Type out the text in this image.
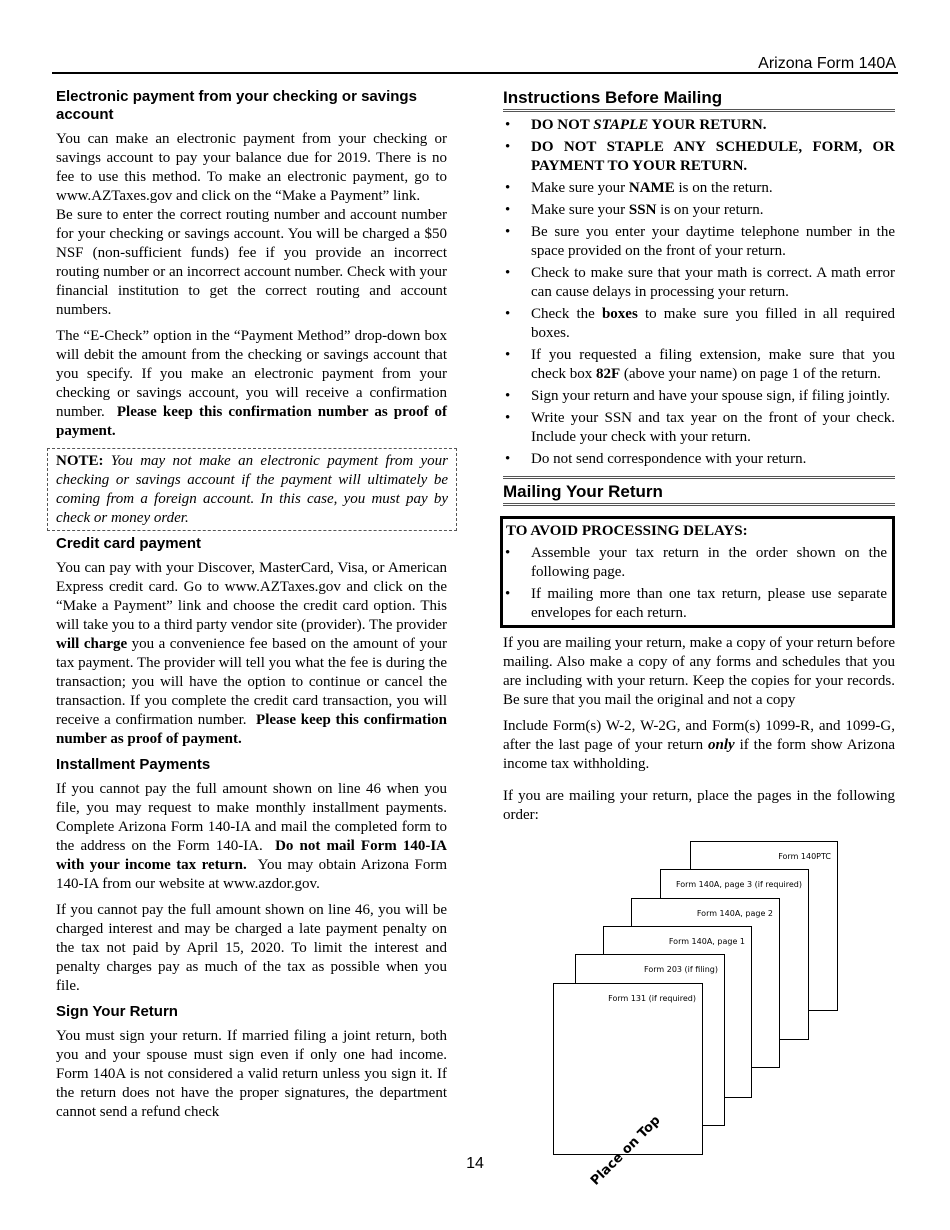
Arizona Form 140A
Electronic payment from your checking or savings account

You can make an electronic payment from your checking or savings account to pay your balance due for 2019. There is no fee to use this method. To make an electronic payment, go to www.AZTaxes.gov and click on the “Make a Payment” link.

Be sure to enter the correct routing number and account number for your checking or savings account. You will be charged a $50 NSF (non-sufficient funds) fee if you provide an incorrect routing number or an incorrect account number. Check with your financial institution to get the correct routing and account numbers.

The “E-Check” option in the “Payment Method” drop-down box will debit the amount from the checking or savings account that you specify. If you make an electronic payment from your checking or savings account, you will receive a confirmation number. Please keep this confirmation number as proof of payment.

NOTE: You may not make an electronic payment from your checking or savings account if the payment will ultimately be coming from a foreign account. In this case, you must pay by check or money order.
Credit card payment

You can pay with your Discover, MasterCard, Visa, or American Express credit card. Go to www.AZTaxes.gov and click on the “Make a Payment” link and choose the credit card option. This will take you to a third party vendor site (provider). The provider will charge you a convenience fee based on the amount of your tax payment. The provider will tell you what the fee is during the transaction; you will have the option to continue or cancel the transaction. If you complete the credit card transaction, you will receive a confirmation number. Please keep this confirmation number as proof of payment.

Installment Payments

If you cannot pay the full amount shown on line 46 when you file, you may request to make monthly installment payments. Complete Arizona Form 140-IA and mail the completed form to the address on the Form 140-IA. Do not mail Form 140-IA with your income tax return. You may obtain Arizona Form 140-IA from our website at www.azdor.gov.

If you cannot pay the full amount shown on line 46, you will be charged interest and may be charged a late payment penalty on the tax not paid by April 15, 2020. To limit the interest and penalty charges pay as much of the tax as possible when you file.

Sign Your Return

You must sign your return. If married filing a joint return, both you and your spouse must sign even if only one had income. Form 140A is not considered a valid return unless you sign it. If the return does not have the proper signatures, the department cannot send a refund check

Instructions Before Mailing
• DO NOT STAPLE YOUR RETURN.
• DO NOT STAPLE ANY SCHEDULE, FORM, OR PAYMENT TO YOUR RETURN.
• Make sure your NAME is on the return.
• Make sure your SSN is on your return.
• Be sure you enter your daytime telephone number in the space provided on the front of your return.
• Check to make sure that your math is correct. A math error can cause delays in processing your return.
• Check the boxes to make sure you filled in all required boxes.
• If you requested a filing extension, make sure that you check box 82F (above your name) on page 1 of the return.
• Sign your return and have your spouse sign, if filing jointly.
• Write your SSN and tax year on the front of your check. Include your check with your return.
• Do not send correspondence with your return.
Mailing Your Return
TO AVOID PROCESSING DELAYS:
• Assemble your tax return in the order shown on the following page.
• If mailing more than one tax return, please use separate envelopes for each return.

If you are mailing your return, make a copy of your return before mailing. Also make a copy of any forms and schedules that you are including with your return. Keep the copies for your records. Be sure that you mail the original and not a copy

Include Form(s) W-2, W-2G, and Form(s) 1099-R, and 1099-G, after the last page of your return only if the form show Arizona income tax withholding.

If you are mailing your return, place the pages in the following order:

Form 140PTC
Form 140A, page 3 (if required)
Form 140A, page 2
Form 140A, page 1
Form 203 (if filing)
Form 131 (if required)
Place on Top
14
